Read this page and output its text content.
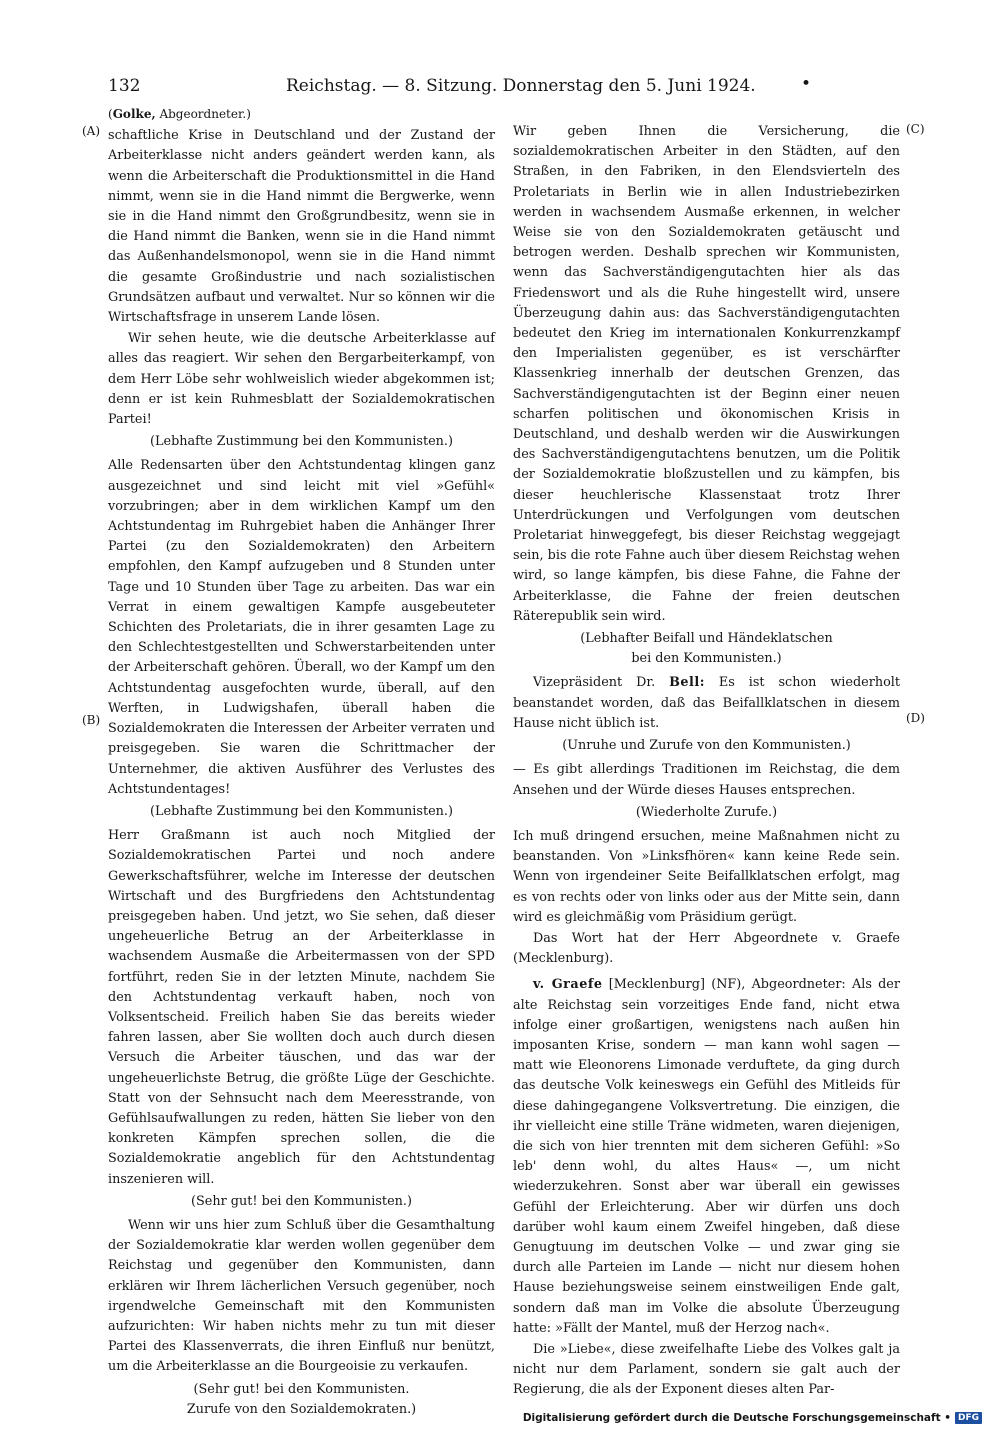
132	Reichstag. — 8. Sitzung. Donnerstag den 5. Juni 1924.	•
(A)
(B)
(C)
(D)
(Golke, Abgeordneter.)

schaftliche Krise in Deutschland und der Zustand der Arbeiterklasse nicht anders geändert werden kann, als wenn die Arbeiterschaft die Produktionsmittel in die Hand nimmt, wenn sie in die Hand nimmt die Bergwerke, wenn sie in die Hand nimmt den Großgrundbesitz, wenn sie in die Hand nimmt die Banken, wenn sie in die Hand nimmt das Außenhandelsmonopol, wenn sie in die Hand nimmt die gesamte Großindustrie und nach sozialistischen Grundsätzen aufbaut und verwaltet. Nur so können wir die Wirtschaftsfrage in unserem Lande lösen.

Wir sehen heute, wie die deutsche Arbeiterklasse auf alles das reagiert. Wir sehen den Bergarbeiterkampf, von dem Herr Löbe sehr wohlweislich wieder abgekommen ist; denn er ist kein Ruhmesblatt der Sozialdemokratischen Partei!

(Lebhafte Zustimmung bei den Kommunisten.)

Alle Redensarten über den Achtstundentag klingen ganz ausgezeichnet und sind leicht mit viel »Gefühl« vorzubringen; aber in dem wirklichen Kampf um den Achtstundentag im Ruhrgebiet haben die Anhänger Ihrer Partei (zu den Sozialdemokraten) den Arbeitern empfohlen, den Kampf aufzugeben und 8 Stunden unter Tage und 10 Stunden über Tage zu arbeiten. Das war ein Verrat in einem gewaltigen Kampfe ausgebeuteter Schichten des Proletariats, die in ihrer gesamten Lage zu den Schlechtestgestellten und Schwerstarbeitenden unter der Arbeiterschaft gehören. Überall, wo der Kampf um den Achtstundentag ausgefochten wurde, überall, auf den Werften, in Ludwigshafen, überall haben die Sozialdemokraten die Interessen der Arbeiter verraten und preisgegeben. Sie waren die Schrittmacher der Unternehmer, die aktiven Ausführer des Verlustes des Achtstundentages!

(Lebhafte Zustimmung bei den Kommunisten.)

Herr Graßmann ist auch noch Mitglied der Sozialdemokratischen Partei und noch andere Gewerkschaftsführer, welche im Interesse der deutschen Wirtschaft und des Burgfriedens den Achtstundentag preisgegeben haben. Und jetzt, wo Sie sehen, daß dieser ungeheuerliche Betrug an der Arbeiterklasse in wachsendem Ausmaße die Arbeitermassen von der SPD fortführt, reden Sie in der letzten Minute, nachdem Sie den Achtstundentag verkauft haben, noch von Volksentscheid. Freilich haben Sie das bereits wieder fahren lassen, aber Sie wollten doch auch durch diesen Versuch die Arbeiter täuschen, und das war der ungeheuerlichste Betrug, die größte Lüge der Geschichte. Statt von der Sehnsucht nach dem Meeresstrande, von Gefühlsaufwallungen zu reden, hätten Sie lieber von den konkreten Kämpfen sprechen sollen, die die Sozialdemokratie angeblich für den Achtstundentag inszenieren will.

(Sehr gut! bei den Kommunisten.)

Wenn wir uns hier zum Schluß über die Gesamthaltung der Sozialdemokratie klar werden wollen gegenüber dem Reichstag und gegenüber den Kommunisten, dann erklären wir Ihrem lächerlichen Versuch gegenüber, noch irgendwelche Gemeinschaft mit den Kommunisten aufzurichten: Wir haben nichts mehr zu tun mit dieser Partei des Klassenverrats, die ihren Einfluß nur benützt, um die Arbeiterklasse an die Bourgeoisie zu verkaufen.

(Sehr gut! bei den Kommunisten.
Zurufe von den Sozialdemokraten.)

Wir geben Ihnen die Versicherung, die sozialdemokratischen Arbeiter in den Städten, auf den Straßen, in den Fabriken, in den Elendsvierteln des Proletariats in Berlin wie in allen Industriebezirken werden in wachsendem Ausmaße erkennen, in welcher Weise sie von den Sozialdemokraten getäuscht und betrogen werden. Deshalb sprechen wir Kommunisten, wenn das Sachverständigengutachten hier als das Friedenswort und als die Ruhe hingestellt wird, unsere Überzeugung dahin aus: das Sachverständigengutachten bedeutet den Krieg im internationalen Konkurrenzkampf den Imperialisten gegenüber, es ist verschärfter Klassenkrieg innerhalb der deutschen Grenzen, das Sachverständigengutachten ist der Beginn einer neuen scharfen politischen und ökonomischen Krisis in Deutschland, und deshalb werden wir die Auswirkungen des Sachverständigengutachtens benutzen, um die Politik der Sozialdemokratie bloßzustellen und zu kämpfen, bis dieser heuchlerische Klassenstaat trotz Ihrer Unterdrückungen und Verfolgungen vom deutschen Proletariat hinweggefegt, bis dieser Reichstag weggejagt sein, bis die rote Fahne auch über diesem Reichstag wehen wird, so lange kämpfen, bis diese Fahne, die Fahne der Arbeiterklasse, die Fahne der freien deutschen Räterepublik sein wird.

(Lebhafter Beifall und Händeklatschen
bei den Kommunisten.)

Vizepräsident Dr. Bell: Es ist schon wiederholt beanstandet worden, daß das Beifallklatschen in diesem Hause nicht üblich ist.

(Unruhe und Zurufe von den Kommunisten.)

— Es gibt allerdings Traditionen im Reichstag, die dem Ansehen und der Würde dieses Hauses entsprechen.

(Wiederholte Zurufe.)

Ich muß dringend ersuchen, meine Maßnahmen nicht zu beanstanden. Von »Linksfhören« kann keine Rede sein. Wenn von irgendeiner Seite Beifallklatschen erfolgt, mag es von rechts oder von links oder aus der Mitte sein, dann wird es gleichmäßig vom Präsidium gerügt.

Das Wort hat der Herr Abgeordnete v. Graefe (Mecklenburg).

v. Graefe [Mecklenburg] (NF), Abgeordneter: Als der alte Reichstag sein vorzeitiges Ende fand, nicht etwa infolge einer großartigen, wenigstens nach außen hin imposanten Krise, sondern — man kann wohl sagen — matt wie Eleonorens Limonade verduftete, da ging durch das deutsche Volk keineswegs ein Gefühl des Mitleids für diese dahingegangene Volksvertretung. Die einzigen, die ihr vielleicht eine stille Träne widmeten, waren diejenigen, die sich von hier trennten mit dem sicheren Gefühl: »So leb' denn wohl, du altes Haus« —, um nicht wiederzukehren. Sonst aber war überall ein gewisses Gefühl der Erleichterung. Aber wir dürfen uns doch darüber wohl kaum einem Zweifel hingeben, daß diese Genugtuung im deutschen Volke — und zwar ging sie durch alle Parteien im Lande — nicht nur diesem hohen Hause beziehungsweise seinem einstweiligen Ende galt, sondern daß man im Volke die absolute Überzeugung hatte: »Fällt der Mantel, muß der Herzog nach«.

Die »Liebe«, diese zweifelhafte Liebe des Volkes galt ja nicht nur dem Parlament, sondern sie galt auch der Regierung, die als der Exponent dieses alten Par-

Digitalisierung gefördert durch die Deutsche Forschungsgemeinschaft • DFG
